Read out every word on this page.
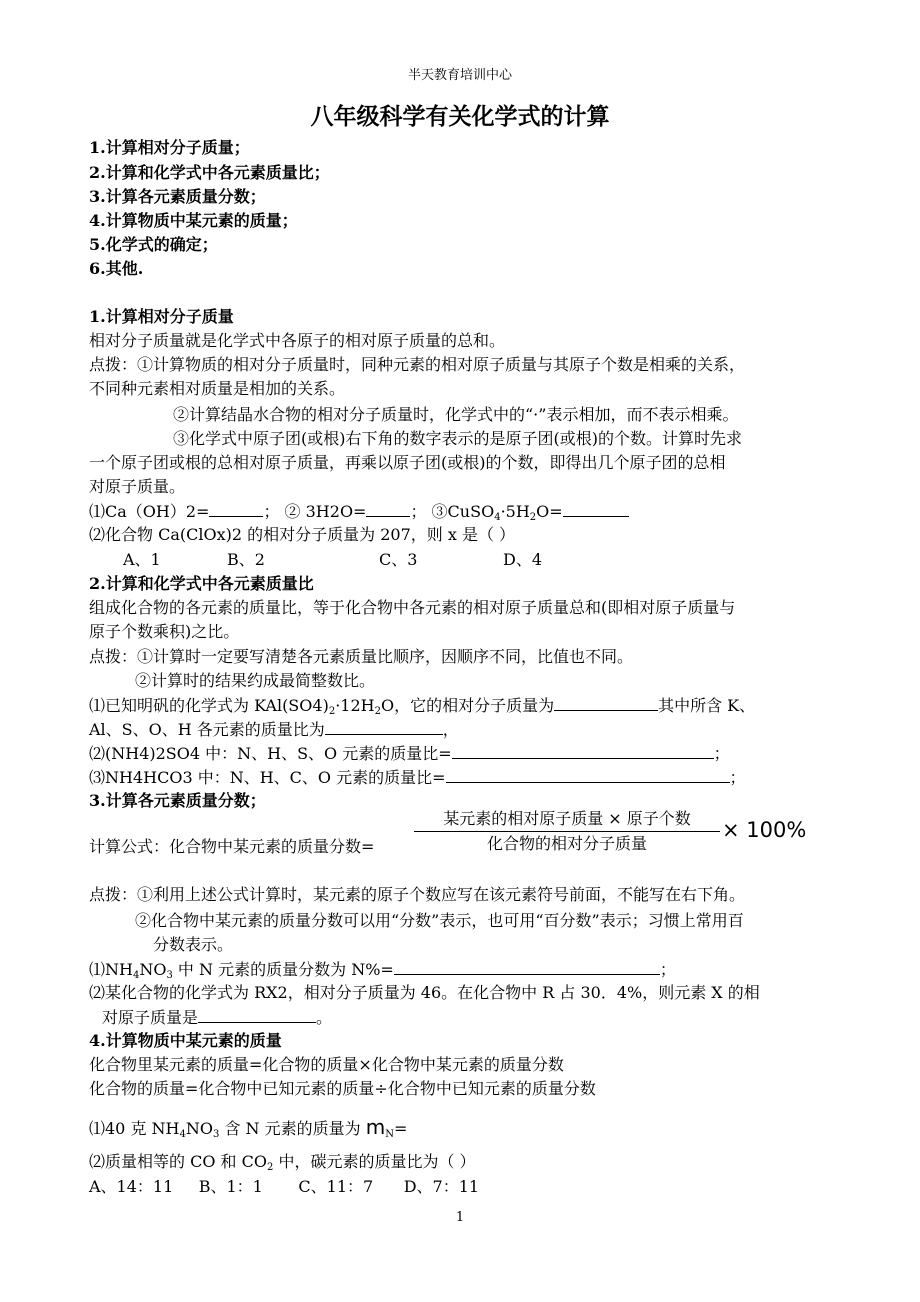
半天教育培训中心
八年级科学有关化学式的计算
1.计算相对分子质量；
2.计算和化学式中各元素质量比；
3.计算各元素质量分数；
4.计算物质中某元素的质量；
5.化学式的确定；
6.其他.
1.计算相对分子质量
相对分子质量就是化学式中各原子的相对原子质量的总和。
点拨：①计算物质的相对分子质量时，同种元素的相对原子质量与其原子个数是相乘的关系，
不同种元素相对质量是相加的关系。
②计算结晶水合物的相对分子质量时，化学式中的“·”表示相加，而不表示相乘。
③化学式中原子团(或根)右下角的数字表示的是原子团(或根)的个数。计算时先求
一个原子团或根的总相对原子质量，再乘以原子团(或根)的个数，即得出几个原子团的总相
对原子质量。
⑴Ca（OH）2=	； ② 3H2O=	； $③CuSO_4\cdot 5H_2O=$
⑵化合物 Ca(ClOx)2 的相对分子质量为 207，则 x 是（ ）
A、1	B、2	C、3	D、4
2.计算和化学式中各元素质量比
组成化合物的各元素的质量比，等于化合物中各元素的相对原子质量总和(即相对原子质量与
原子个数乘积)之比。
点拨：①计算时一定要写清楚各元素质量比顺序，因顺序不同，比值也不同。
②计算时的结果约成最简整数比。
⑴已知明矾的化学式为 $KAl(SO4)_2\cdot 12H_2O$，它的相对分子质量为	其中所含 K、
Al、S、O、H 各元素的质量比为	，
⑵(NH4)2SO4 中：N、H、S、O 元素的质量比=	；
⑶NH4HCO3 中：N、H、C、O 元素的质量比=	；
3.计算各元素质量分数；
计算公式：化合物中某元素的质量分数=
某元素的相对原子质量 × 原子个数
化合物的相对分子质量
× 100%
点拨：①利用上述公式计算时，某元素的原子个数应写在该元素符号前面，不能写在右下角。
②化合物中某元素的质量分数可以用“分数”表示，也可用“百分数”表示；习惯上常用百
分数表示。
$⑴NH_4NO_3$ 中 N 元素的质量分数为 N%=	；
⑵某化合物的化学式为 RX2，相对分子质量为 46。在化合物中 R 占 30．4%，则元素 X 的相
对原子质量是	。
4.计算物质中某元素的质量
化合物里某元素的质量=化合物的质量×化合物中某元素的质量分数
化合物的质量=化合物中已知元素的质量÷化合物中已知元素的质量分数
⑴40 克 $NH_4NO_3$ 含 N 元素的质量为 $m_N=$
⑵质量相等的 CO 和 $CO_2$ 中，碳元素的质量比为（ ）
A、14：11     B、1：1       C、11：7      D、7：11
1
